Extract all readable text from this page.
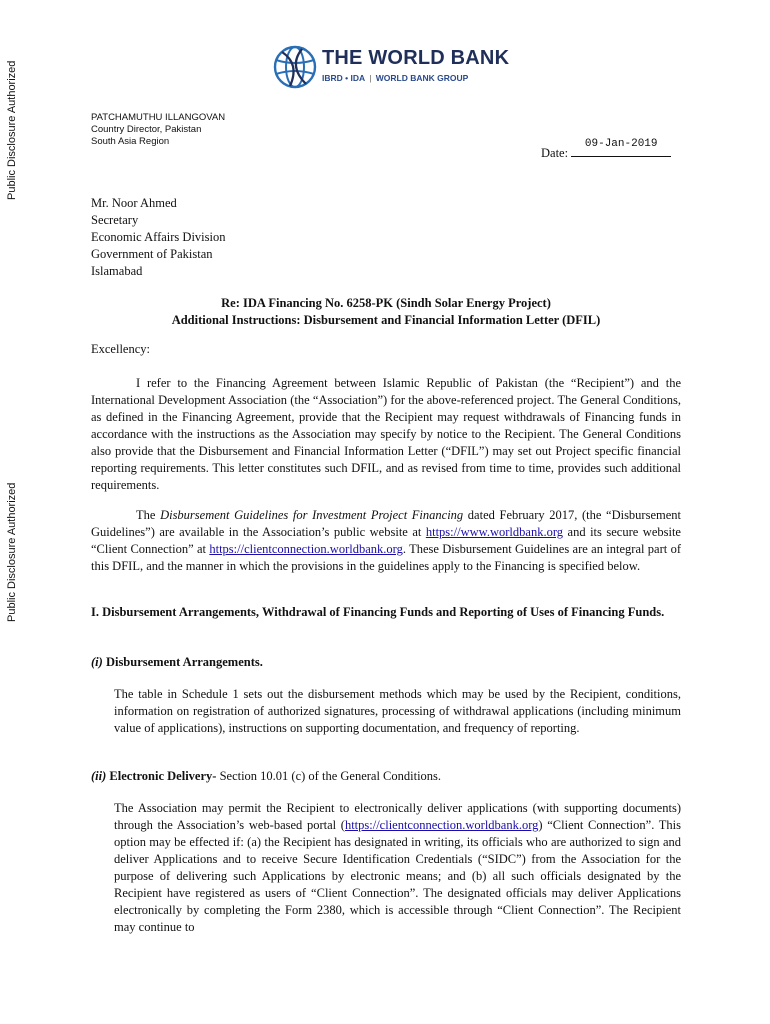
Public Disclosure Authorized
Public Disclosure Authorized
THE WORLD BANK
IBRD • IDA | WORLD BANK GROUP
PATCHAMUTHU ILLANGOVAN
Country Director, Pakistan
South Asia Region
Date:
09-Jan-2019
Mr. Noor Ahmed
Secretary
Economic Affairs Division
Government of Pakistan
Islamabad
Re: IDA Financing No. 6258-PK (Sindh Solar Energy Project)
Additional Instructions: Disbursement and Financial Information Letter (DFIL)
Excellency:
I refer to the Financing Agreement between Islamic Republic of Pakistan (the “Recipient”) and the International Development Association (the “Association”) for the above-referenced project. The General Conditions, as defined in the Financing Agreement, provide that the Recipient may request withdrawals of Financing funds in accordance with the instructions as the Association may specify by notice to the Recipient. The General Conditions also provide that the Disbursement and Financial Information Letter (“DFIL”) may set out Project specific financial reporting requirements. This letter constitutes such DFIL, and as revised from time to time, provides such additional requirements.
The Disbursement Guidelines for Investment Project Financing dated February 2017, (the “Disbursement Guidelines”) are available in the Association’s public website at https://www.worldbank.org and its secure website “Client Connection” at https://clientconnection.worldbank.org. These Disbursement Guidelines are an integral part of this DFIL, and the manner in which the provisions in the guidelines apply to the Financing is specified below.
I. Disbursement Arrangements, Withdrawal of Financing Funds and Reporting of Uses of Financing Funds.
(i) Disbursement Arrangements.
The table in Schedule 1 sets out the disbursement methods which may be used by the Recipient, conditions, information on registration of authorized signatures, processing of withdrawal applications (including minimum value of applications), instructions on supporting documentation, and frequency of reporting.
(ii) Electronic Delivery- Section 10.01 (c) of the General Conditions.
The Association may permit the Recipient to electronically deliver applications (with supporting documents) through the Association’s web-based portal (https://clientconnection.worldbank.org) “Client Connection”. This option may be effected if: (a) the Recipient has designated in writing, its officials who are authorized to sign and deliver Applications and to receive Secure Identification Credentials (“SIDC”) from the Association for the purpose of delivering such Applications by electronic means; and (b) all such officials designated by the Recipient have registered as users of “Client Connection”. The designated officials may deliver Applications electronically by completing the Form 2380, which is accessible through “Client Connection”. The Recipient may continue to
